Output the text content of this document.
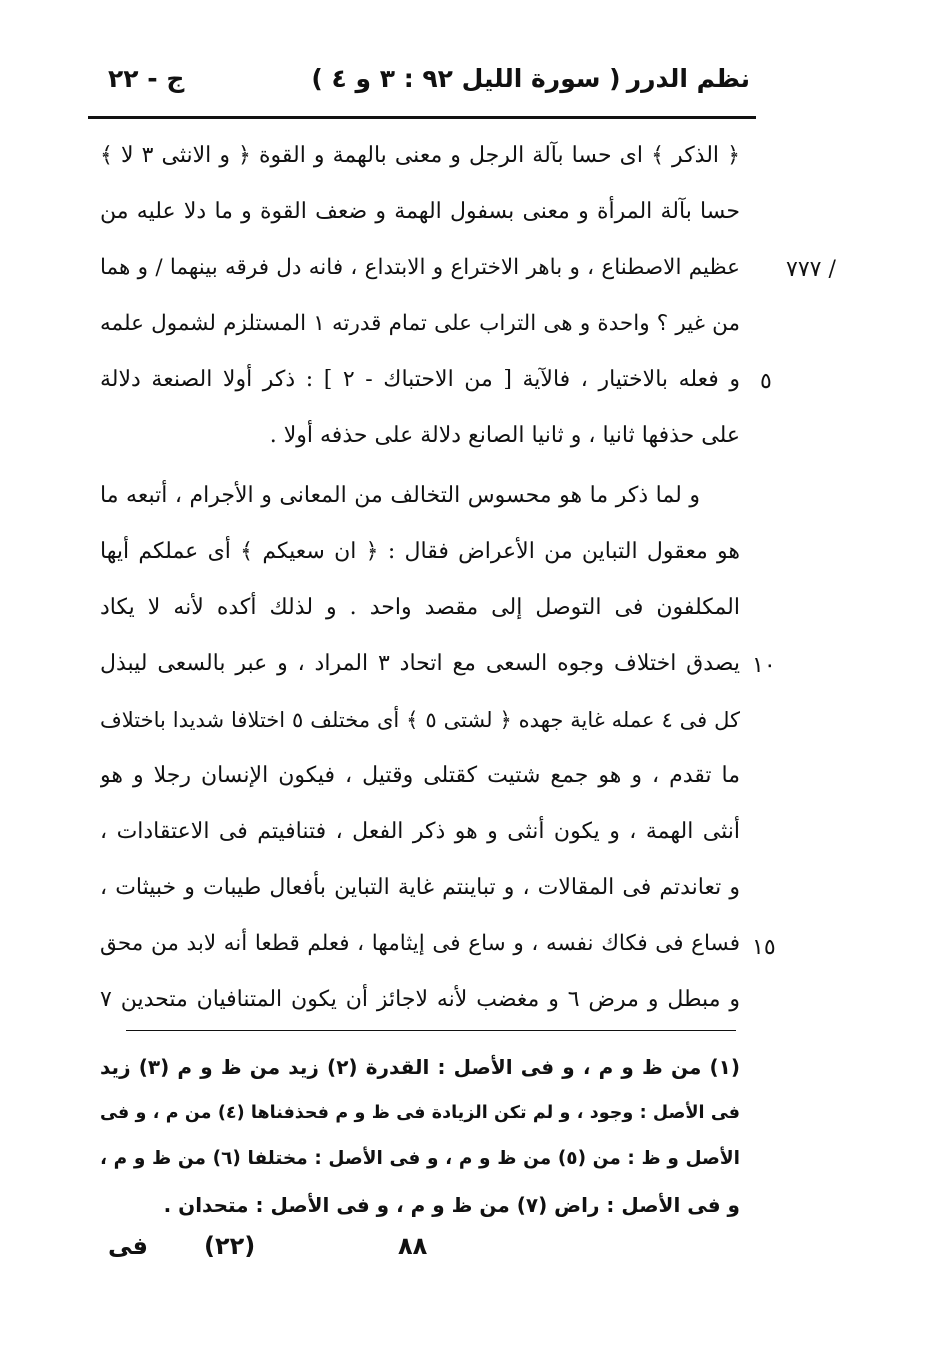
نظم الدرر
( سورة الليل ٩٢ : ٣ و ٤ )
ج - ٢٢
٧٧٧ /
٥
١٠
١٥
﴿ الذكر ﴾ اى حسا بآلة الرجل و معنى بالهمة و القوة ﴿ و الانثى ٣ لا ﴾
حسا بآلة المرأة و معنى بسفول الهمة و ضعف القوة و ما دلا عليه من
عظيم الاصطناع ، و باهر الاختراع و الابتداع ، فانه دل فرقه بينهما / و هما
من غير ؟ واحدة و هى التراب على تمام قدرته ١ المستلزم لشمول علمه
و فعله بالاختيار ، فالآية [ من الاحتباك - ٢ ] : ذكر أولا الصنعة دلالة
على حذفها ثانيا ، و ثانيا الصانع دلالة على حذفه أولا .
و لما ذكر ما هو محسوس التخالف من المعانى و الأجرام ، أتبعه ما
هو معقول التباين من الأعراض فقال : ﴿ ان سعيكم ﴾ أى عملكم أيها
المكلفون فى التوصل إلى مقصد واحد . و لذلك أكده لأنه لا يكاد
يصدق اختلاف وجوه السعى مع اتحاد ٣ المراد ، و عبر بالسعى ليبذل
كل فى ٤ عمله غاية جهده ﴿ لشتى ٥ ﴾ أى مختلف ٥ اختلافا شديدا باختلاف
ما تقدم ، و هو جمع شتيت كقتلى وقتيل ، فيكون الإنسان رجلا و هو
أنثى الهمة ، و يكون أنثى و هو ذكر الفعل ، فتنافيتم فى الاعتقادات ،
و تعاندتم فى المقالات ، و تباينتم غاية التباين بأفعال طيبات و خبيثات ،
فساع فى فكاك نفسه ، و ساع فى إيثامها ، فعلم قطعا أنه لابد من محق
و مبطل و مرض ٦ و مغضب لأنه لاجائز أن يكون المتنافيان متحدين ٧
(١) من ظ و م ، و فى الأصل : القدرة (٢) زيد من ظ و م (٣) زيد
فى الأصل : وجود ، و لم تكن الزيادة فى ظ و م فحذفناها (٤) من م ، و فى
الأصل و ظ : من (٥) من ظ و م ، و فى الأصل : مختلفا (٦) من ظ و م ،
و فى الأصل : راض (٧) من ظ و م ، و فى الأصل : متحدان .
٨٨
(٢٢)
فى
